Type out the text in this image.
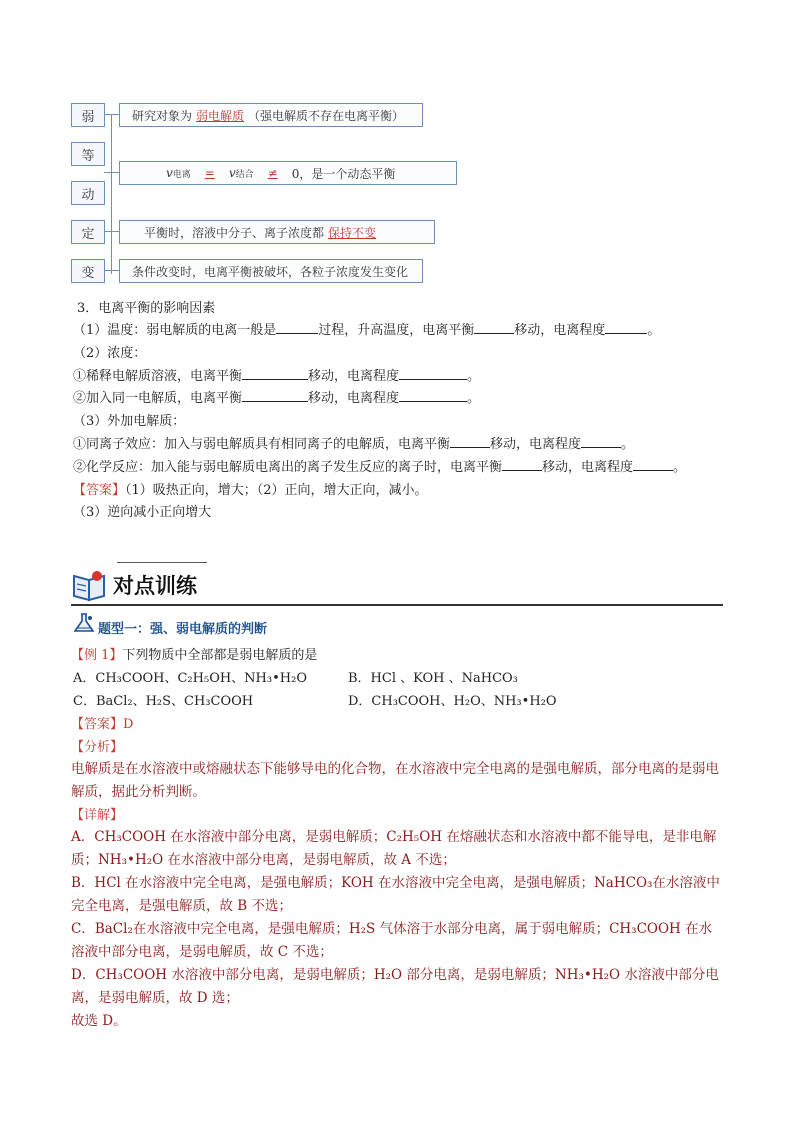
弱
等
动
定
变
研究对象为 弱电解质 （强电解质不存在电离平衡）
v 电离	=	v 结合	≠	0，是一个动态平衡
平衡时，溶液中分子、离子浓度都 保持不变
条件改变时，电离平衡被破坏，各粒子浓度发生变化
3．电离平衡的影响因素
（1）温度：弱电解质的电离一般是	过程，升高温度，电离平衡	移动，电离程度	。
（2）浓度：
①稀释电解质溶液，电离平衡	移动，电离程度	。
②加入同一电解质，电离平衡	移动，电离程度	。
（3）外加电解质：
①同离子效应：加入与弱电解质具有相同离子的电解质，电离平衡	移动，电离程度	。
②化学反应：加入能与弱电解质电离出的离子发生反应的离子时，电离平衡	移动，电离程度	。
【答案】（1）吸热正向，增大；（2）正向，增大正向，减小。
（3）逆向减小正向增大
对点训练
题型一：强、弱电解质的判断
【例 1】下列物质中全部都是弱电解质的是
A．CH₃COOH、C₂H₅OH、NH₃•H₂O	B．HCl 、KOH 、NaHCO₃
C．BaCl₂、H₂S、CH₃COOH	D．CH₃COOH、H₂O、NH₃•H₂O
【答案】D
【分析】
电解质是在水溶液中或熔融状态下能够导电的化合物，在水溶液中完全电离的是强电解质，部分电离的是弱电解质，据此分析判断。
【详解】
A．CH₃COOH 在水溶液中部分电离，是弱电解质；C₂H₅OH 在熔融状态和水溶液中都不能导电，是非电解质；NH₃•H₂O 在水溶液中部分电离，是弱电解质，故 A 不选；
B．HCl 在水溶液中完全电离，是强电解质；KOH 在水溶液中完全电离，是强电解质；NaHCO₃在水溶液中完全电离，是强电解质，故 B 不选；
C．BaCl₂在水溶液中完全电离，是强电解质；H₂S 气体溶于水部分电离，属于弱电解质；CH₃COOH 在水溶液中部分电离，是弱电解质，故 C 不选；
D．CH₃COOH 水溶液中部分电离，是弱电解质；H₂O 部分电离，是弱电解质；NH₃•H₂O 水溶液中部分电离，是弱电解质，故 D 选；
故选 D。
